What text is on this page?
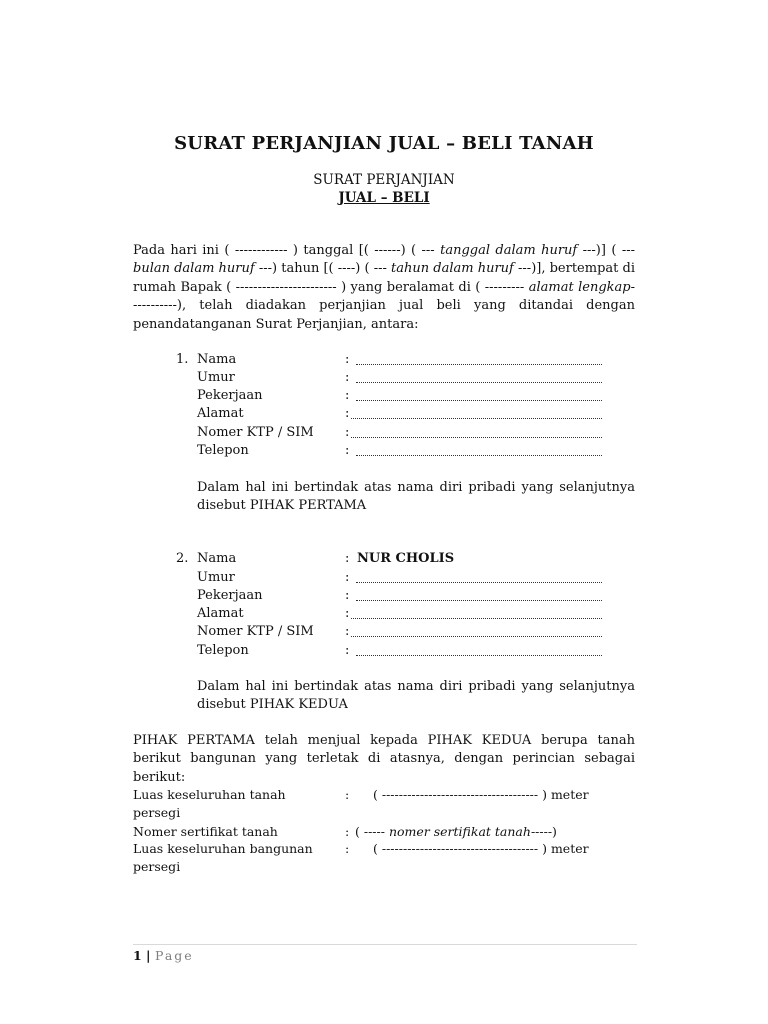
SURAT PERJANJIAN JUAL – BELI TANAH
SURAT PERJANJIAN
JUAL – BELI
Pada hari ini ( ------------ ) tanggal [( ------) ( --- tanggal dalam huruf ---)] ( --- bulan dalam huruf ---) tahun [( ----) ( --- tahun dalam huruf ---)], bertempat di rumah Bapak ( ----------------------- ) yang beralamat di ( --------- alamat lengkap-----------), telah diadakan perjanjian jual beli yang ditandai dengan penandatanganan Surat Perjanjian, antara:
1. Nama	:
Umur	:
Pekerjaan	:
Alamat	:
Nomer KTP / SIM :
Telepon	:
Dalam hal ini bertindak atas nama diri pribadi yang selanjutnya disebut PIHAK PERTAMA
2. Nama	: NUR CHOLIS
Umur	:
Pekerjaan	:
Alamat	:
Nomer KTP / SIM :
Telepon	:
Dalam hal ini bertindak atas nama diri pribadi yang selanjutnya disebut PIHAK KEDUA
PIHAK PERTAMA telah menjual kepada PIHAK KEDUA berupa tanah berikut bangunan yang terletak di atasnya, dengan perincian sebagai berikut:
Luas keseluruhan tanah	: ( ------------------------------------- ) meter
persegi
Nomer sertifikat tanah	: ( ----- nomer sertifikat tanah-----)
Luas keseluruhan bangunan	: ( ------------------------------------- ) meter
persegi
1 | Page
